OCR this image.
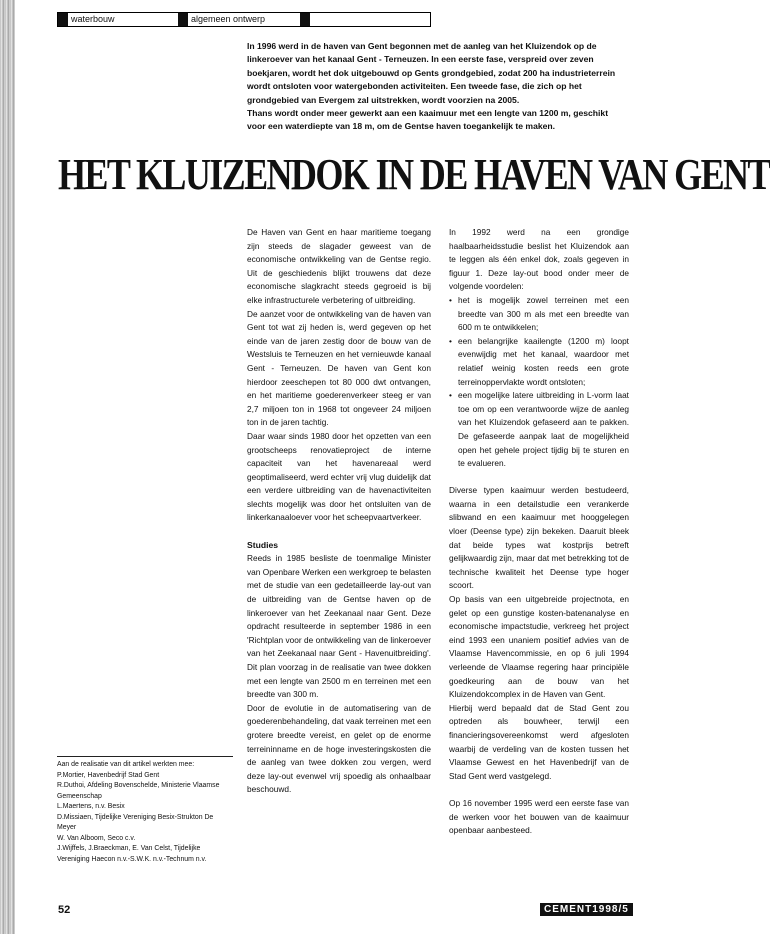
waterbouw	algemeen ontwerp

In 1996 werd in de haven van Gent begonnen met de aanleg van het Kluizendok op de linkeroever van het kanaal Gent - Terneuzen. In een eerste fase, verspreid over zeven boekjaren, wordt het dok uitgebouwd op Gents grondgebied, zodat 200 ha industrieterrein wordt ontsloten voor watergebonden activiteiten. Een tweede fase, die zich op het grondgebied van Evergem zal uitstrekken, wordt voorzien na 2005.

Thans wordt onder meer gewerkt aan een kaaimuur met een lengte van 1200 m, geschikt voor een waterdiepte van 18 m, om de Gentse haven toegankelijk te maken.

HET KLUIZENDOK IN DE HAVEN VAN GENT

De Haven van Gent en haar maritieme toegang zijn steeds de slagader geweest van de economische ontwikkeling van de Gentse regio. Uit de geschiedenis blijkt trouwens dat deze economische slagkracht steeds gegroeid is bij elke infrastructurele verbetering of uitbreiding.

De aanzet voor de ontwikkeling van de haven van Gent tot wat zij heden is, werd gegeven op het einde van de jaren zestig door de bouw van de Westsluis te Terneuzen en het vernieuwde kanaal Gent - Terneuzen. De haven van Gent kon hierdoor zeeschepen tot 80 000 dwt ontvangen, en het maritieme goederenverkeer steeg er van 2,7 miljoen ton in 1968 tot ongeveer 24 miljoen ton in de jaren tachtig.

Daar waar sinds 1980 door het opzetten van een grootscheeps renovatieproject de interne capaciteit van het havenareaal werd geoptimaliseerd, werd echter vrij vlug duidelijk dat een verdere uitbreiding van de havenactiviteiten slechts mogelijk was door het ontsluiten van de linkerkanaaloever voor het scheepvaartverkeer.

Studies

Reeds in 1985 besliste de toenmalige Minister van Openbare Werken een werkgroep te belasten met de studie van een gedetailleerde lay-out van de uitbreiding van de Gentse haven op de linkeroever van het Zeekanaal naar Gent. Deze opdracht resulteerde in september 1986 in een 'Richtplan voor de ontwikkeling van de linkeroever van het Zeekanaal naar Gent - Havenuitbreiding'. Dit plan voorzag in de realisatie van twee dokken met een lengte van 2500 m en terreinen met een breedte van 300 m.

Door de evolutie in de automatisering van de goederenbehandeling, dat vaak terreinen met een grotere breedte vereist, en gelet op de enorme terreininname en de hoge investeringskosten die de aanleg van twee dokken zou vergen, werd deze lay-out evenwel vrij spoedig als onhaalbaar beschouwd.

In 1992 werd na een grondige haalbaarheidsstudie beslist het Kluizendok aan te leggen als één enkel dok, zoals gegeven in figuur 1. Deze lay-out bood onder meer de volgende voordelen:

• het is mogelijk zowel terreinen met een breedte van 300 m als met een breedte van 600 m te ontwikkelen;
• een belangrijke kaailengte (1200 m) loopt evenwijdig met het kanaal, waardoor met relatief weinig kosten reeds een grote terreinoppervlakte wordt ontsloten;
• een mogelijke latere uitbreiding in L-vorm laat toe om op een verantwoorde wijze de aanleg van het Kluizendok gefaseerd aan te pakken. De gefaseerde aanpak laat de mogelijkheid open het gehele project tijdig bij te sturen en te evalueren.

Diverse typen kaaimuur werden bestudeerd, waarna in een detailstudie een verankerde slibwand en een kaaimuur met hooggelegen vloer (Deense type) zijn bekeken. Daaruit bleek dat beide types wat kostprijs betreft gelijkwaardig zijn, maar dat met betrekking tot de technische kwaliteit het Deense type hoger scoort.

Op basis van een uitgebreide projectnota, en gelet op een gunstige kosten-batenanalyse en economische impactstudie, verkreeg het project eind 1993 een unaniem positief advies van de Vlaamse Havencommissie, en op 6 juli 1994 verleende de Vlaamse regering haar principiële goedkeuring aan de bouw van het Kluizendokcomplex in de Haven van Gent.

Hierbij werd bepaald dat de Stad Gent zou optreden als bouwheer, terwijl een financieringsovereenkomst werd afgesloten waarbij de verdeling van de kosten tussen het Vlaamse Gewest en het Havenbedrijf van de Stad Gent werd vastgelegd.

Op 16 november 1995 werd een eerste fase van de werken voor het bouwen van de kaaimuur openbaar aanbesteed.

Aan de realisatie van dit artikel werkten mee:

P.Mortier, Havenbedrijf Stad Gent

R.Duthoi, Afdeling Bovenschelde, Ministerie Vlaamse Gemeenschap

L.Maertens, n.v. Besix

D.Missiaen, Tijdelijke Vereniging Besix-Strukton De Meyer

W. Van Alboom, Seco c.v.

J.Wijffels, J.Braeckman, E. Van Celst, Tijdelijke Vereniging Haecon n.v.-S.W.K. n.v.-Technum n.v.

52	CEMENT1998/5
